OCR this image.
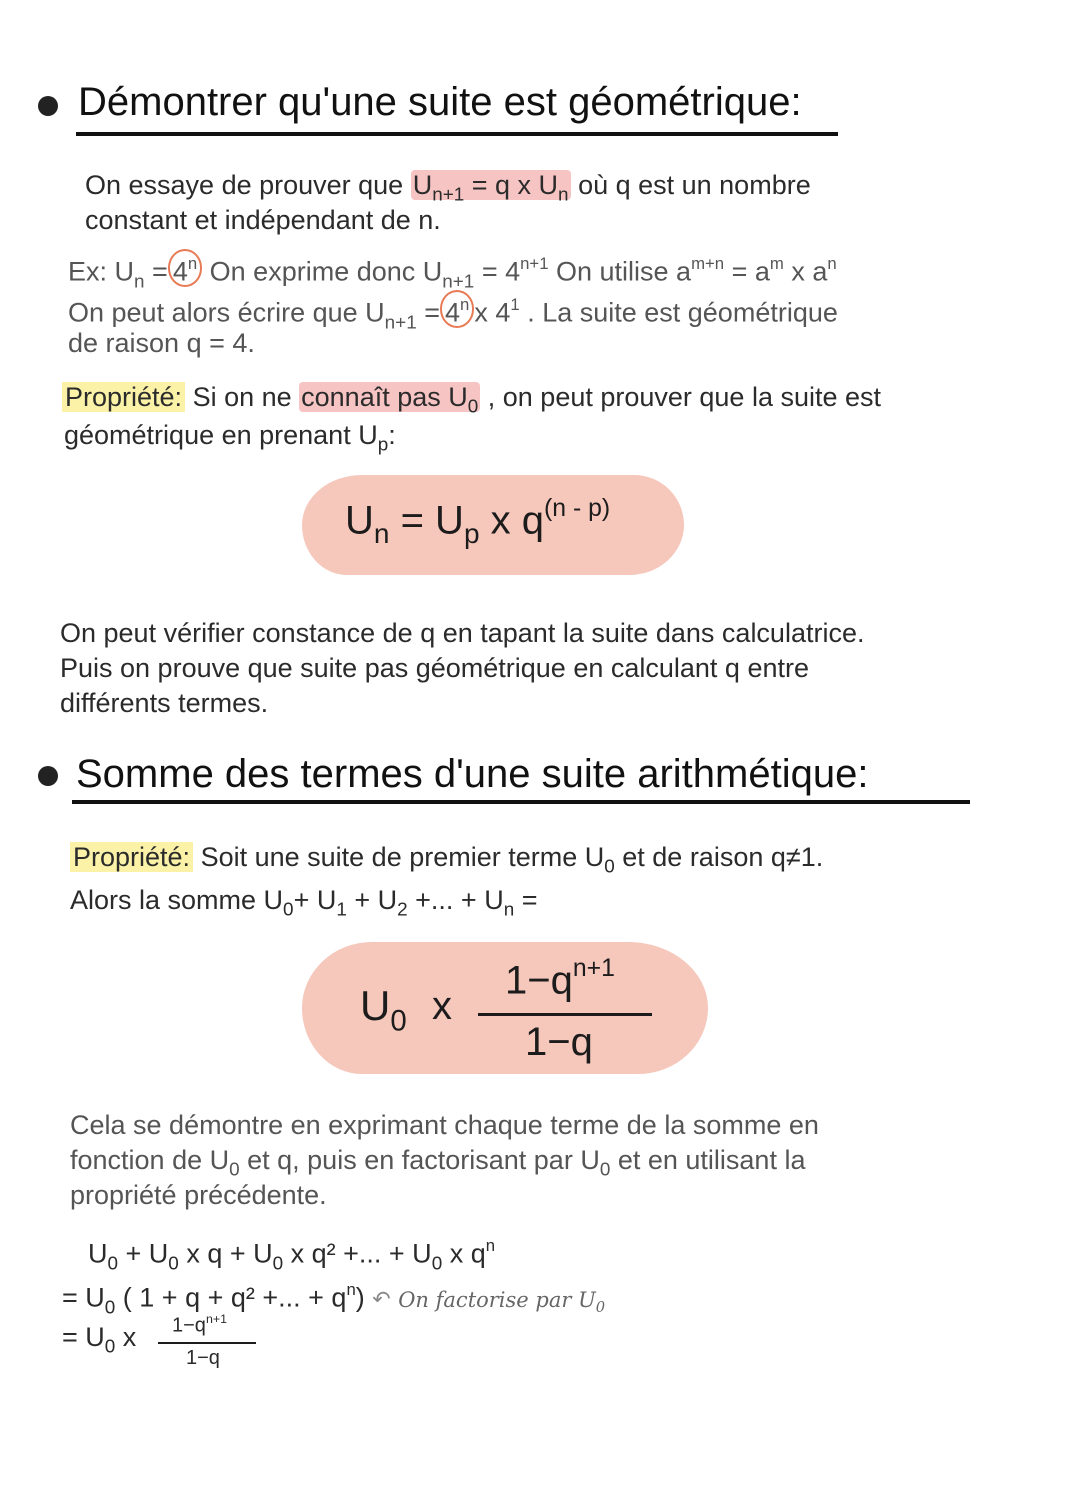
Démontrer qu'une suite est géométrique:
On essaye de prouver que $U_{n+1} = q$ x $U_n$ où q est un nombre
constant et indépendant de n.
Ex: $U_n = 4^n$ On exprime donc $U_{n+1} = 4^{n+1}$ On utilise $a^{m+n} = a^m$ x $a^n$
On peut alors écrire que $U_{n+1} = 4^n$ x $4^1$ . La suite est géométrique
de raison q = 4.
Propriété: Si on ne connaît pas $U_0$ , on peut prouver que la suite est
géométrique en prenant $U_p$:
$U_n = U_p$ x $q^{(n - p)}$
On peut vérifier constance de q en tapant la suite dans calculatrice.
Puis on prouve que suite pas géométrique en calculant q entre
différents termes.
Somme des termes d'une suite arithmétique:
Propriété: Soit une suite de premier terme $U_0$ et de raison q≠1.
Alors la somme $U_0+ U_1 + U_2$ +... + $U_n$ =
$U_0$ x
$1-q^{n+1}$
1−q
Cela se démontre en exprimant chaque terme de la somme en
fonction de $U_0$ et q, puis en factorisant par $U_0$ et en utilisant la
propriété précédente.
$U_0 + U_0$ x $q + U_0$ x q² +... + $U_0$ x $q^n$
= $U_0$ ( 1 + q + q² +... + $q^n$) ↶ On factorise par $U_0$
= $U_0$ x $1-q^{n+1}$
1−q
